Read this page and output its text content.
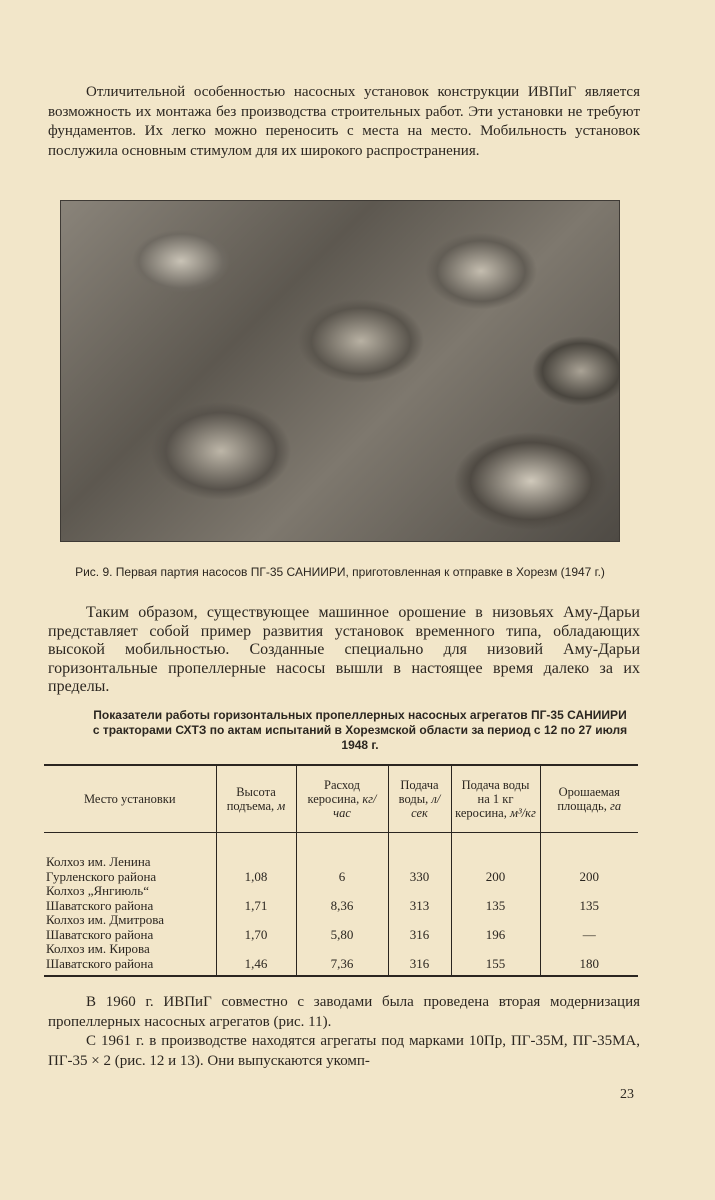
Отличительной особенностью насосных установок конструкции ИВПиГ является возможность их монтажа без производства строительных работ. Эти установки не требуют фундаментов. Их легко можно переносить с места на место. Мобильность установок послужила основным стимулом для их широкого распространения.

Рис. 9. Первая партия насосов ПГ-35 САНИИРИ, приготовленная к отправке в Хорезм (1947 г.)

Таким образом, существующее машинное орошение в низовьях Аму-Дарьи представляет собой пример развития установок временного типа, обладающих высокой мобильностью. Созданные специально для низовий Аму-Дарьи горизонтальные пропеллерные насосы вышли в настоящее время далеко за их пределы.

Показатели работы горизонтальных пропеллерных насосных агрегатов ПГ-35 САНИИРИ с тракторами СХТЗ по актам испытаний в Хорезмской области за период с 12 по 27 июля 1948 г.
Место установки	Высота подъема, м	Расход керосина, кг/час	Подача воды, л/сек	Подача воды на 1 кг керосина, м³/кг	Орошаемая площадь, га
Колхоз им. Ленина
Гурленского района	1,08	6	330	200	200
Колхоз „Янгиюль“
Шаватского района	1,71	8,36	313	135	135
Колхоз им. Дмитрова
Шаватского района	1,70	5,80	316	196	—
Колхоз им. Кирова
Шаватского района	1,46	7,36	316	155	180

В 1960 г. ИВПиГ совместно с заводами была проведена вторая модернизация пропеллерных насосных агрегатов (рис. 11).

С 1961 г. в производстве находятся агрегаты под марками 10Пр, ПГ-35М, ПГ-35МА, ПГ-35 × 2 (рис. 12 и 13). Они выпускаются укомп-

23
